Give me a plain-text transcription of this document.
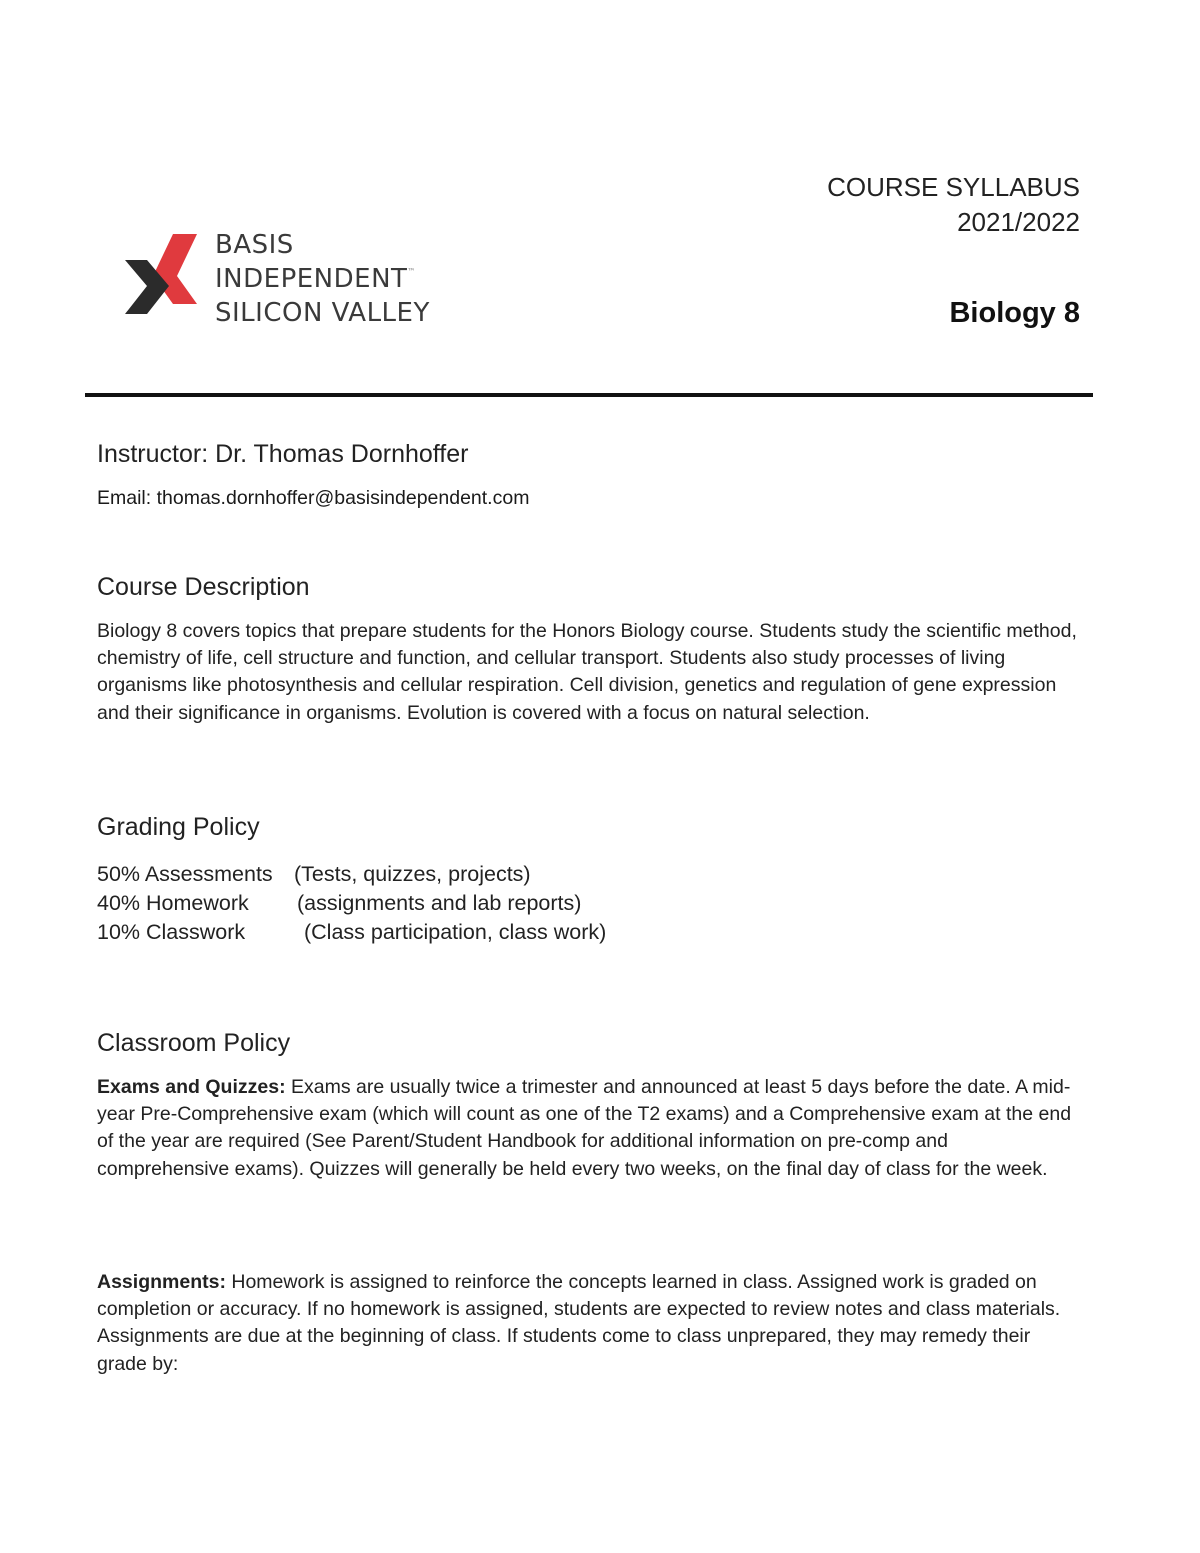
BASIS
INDEPENDENT™
SILICON VALLEY
COURSE SYLLABUS
2021/2022
Biology 8
Instructor: Dr. Thomas Dornhoffer
Email: thomas.dornhoffer@basisindependent.com
Course Description
Biology 8 covers topics that prepare students for the Honors Biology course. Students study the scientific method, chemistry of life, cell structure and function, and cellular transport. Students also study processes of living organisms like photosynthesis and cellular respiration. Cell division, genetics and regulation of gene expression and their significance in organisms. Evolution is covered with a focus on natural selection.
Grading Policy
50% Assessments (Tests, quizzes, projects)
40% Homework (assignments and lab reports)
10% Classwork	(Class participation, class work)
Classroom Policy
Exams and Quizzes: Exams are usually twice a trimester and announced at least 5 days before the date. A mid-year Pre-Comprehensive exam (which will count as one of the T2 exams) and a Comprehensive exam at the end of the year are required (See Parent/Student Handbook for additional information on pre-comp and comprehensive exams). Quizzes will generally be held every two weeks, on the final day of class for the week.
Assignments: Homework is assigned to reinforce the concepts learned in class. Assigned work is graded on completion or accuracy. If no homework is assigned, students are expected to review notes and class materials. Assignments are due at the beginning of class. If students come to class unprepared, they may remedy their grade by:
